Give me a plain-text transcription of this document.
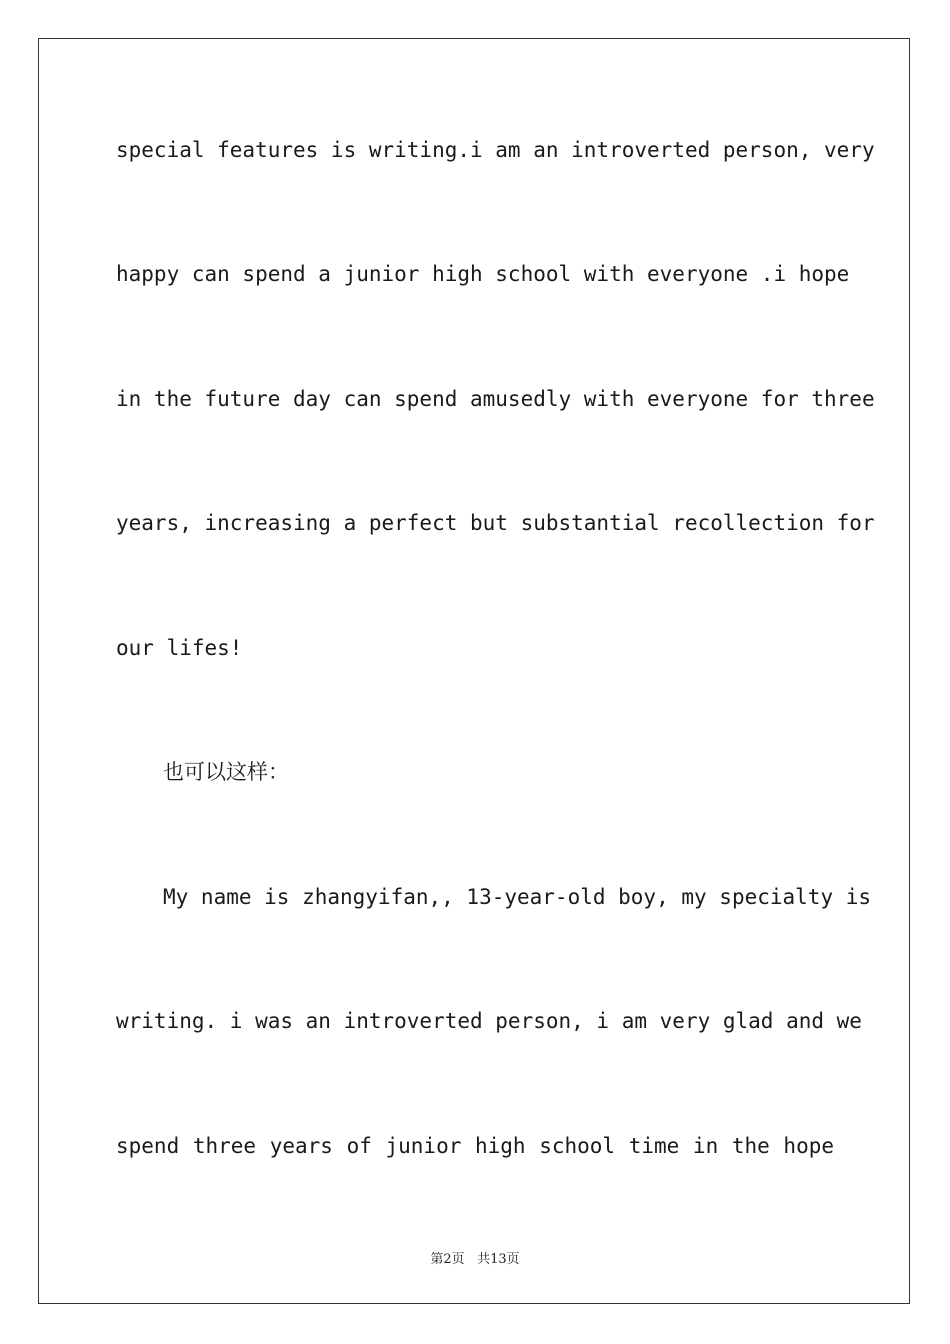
special features is writing.i am an introverted person, very
happy can spend a junior high school with everyone .i hope
in the future day can spend amusedly with everyone for three
years, increasing a perfect but substantial recollection for
our lifes!
也可以这样：
My name is zhangyifan,, 13-year-old boy, my specialty is
writing. i was an introverted person, i am very glad and we
spend three years of junior high school time in the hope
第2页 共13页
